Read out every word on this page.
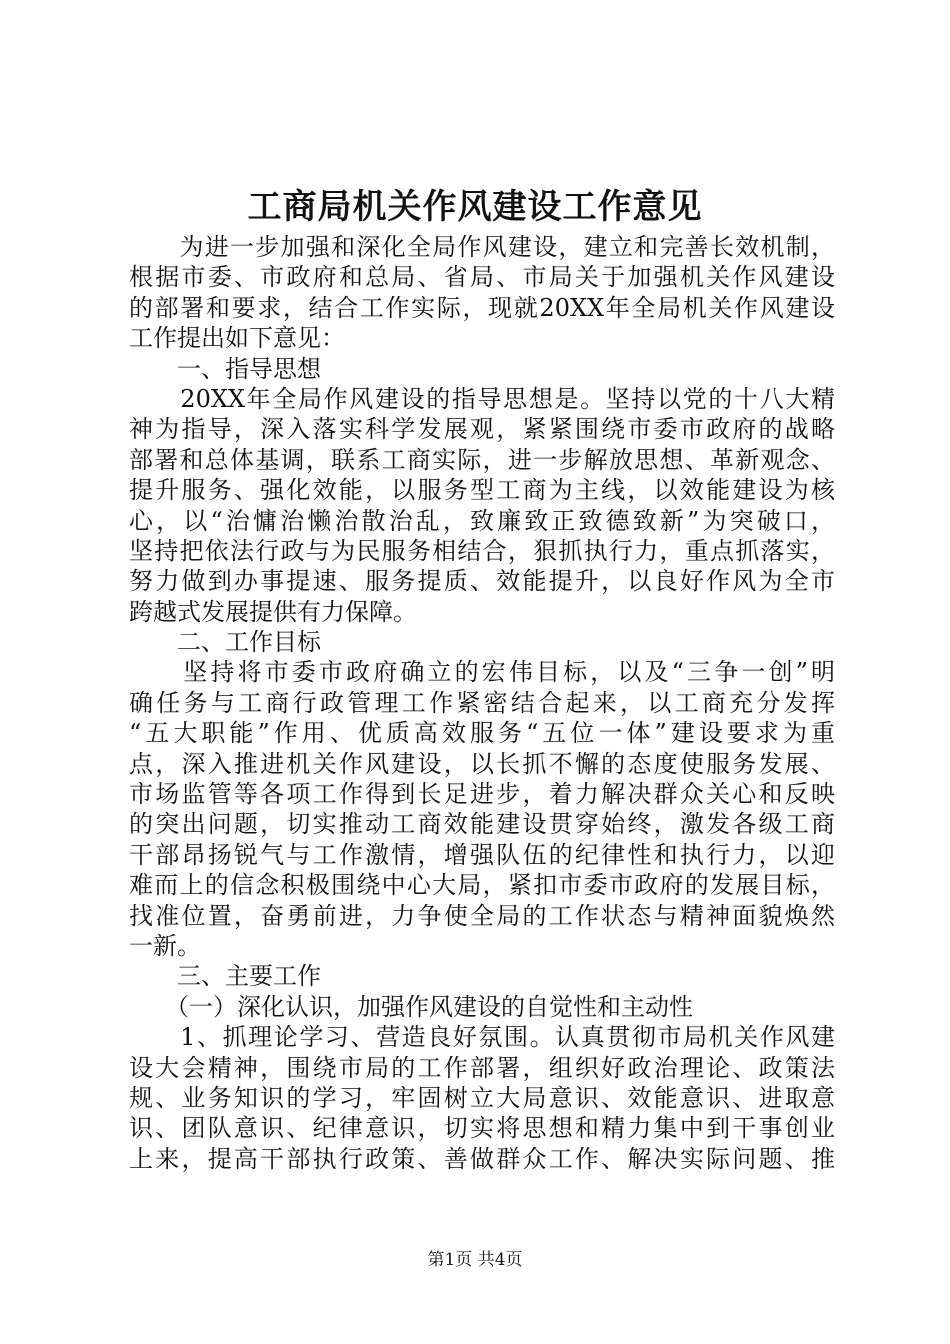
工商局机关作风建设工作意见
　　为进一步加强和深化全局作风建设，建立和完善长效机制，
根据市委、市政府和总局、省局、市局关于加强机关作风建设
的部署和要求，结合工作实际，现就20XX年全局机关作风建设
工作提出如下意见：
　　一、指导思想
　　20XX年全局作风建设的指导思想是。坚持以党的十八大精
神为指导，深入落实科学发展观，紧紧围绕市委市政府的战略
部署和总体基调，联系工商实际，进一步解放思想、革新观念、
提升服务、强化效能，以服务型工商为主线，以效能建设为核
心，以“治慵治懒治散治乱，致廉致正致德致新”为突破口，
坚持把依法行政与为民服务相结合，狠抓执行力，重点抓落实，
努力做到办事提速、服务提质、效能提升，以良好作风为全市
跨越式发展提供有力保障。
　　二、工作目标
　　坚持将市委市政府确立的宏伟目标，以及“三争一创”明
确任务与工商行政管理工作紧密结合起来，以工商充分发挥
“五大职能”作用、优质高效服务“五位一体”建设要求为重
点，深入推进机关作风建设，以长抓不懈的态度使服务发展、
市场监管等各项工作得到长足进步，着力解决群众关心和反映
的突出问题，切实推动工商效能建设贯穿始终，激发各级工商
干部昂扬锐气与工作激情，增强队伍的纪律性和执行力，以迎
难而上的信念积极围绕中心大局，紧扣市委市政府的发展目标，
找准位置，奋勇前进，力争使全局的工作状态与精神面貌焕然
一新。
　　三、主要工作
　　（一）深化认识，加强作风建设的自觉性和主动性
　　1、抓理论学习、营造良好氛围。认真贯彻市局机关作风建
设大会精神，围绕市局的工作部署，组织好政治理论、政策法
规、业务知识的学习，牢固树立大局意识、效能意识、进取意
识、团队意识、纪律意识，切实将思想和精力集中到干事创业
上来，提高干部执行政策、善做群众工作、解决实际问题、推
第1页 共4页
